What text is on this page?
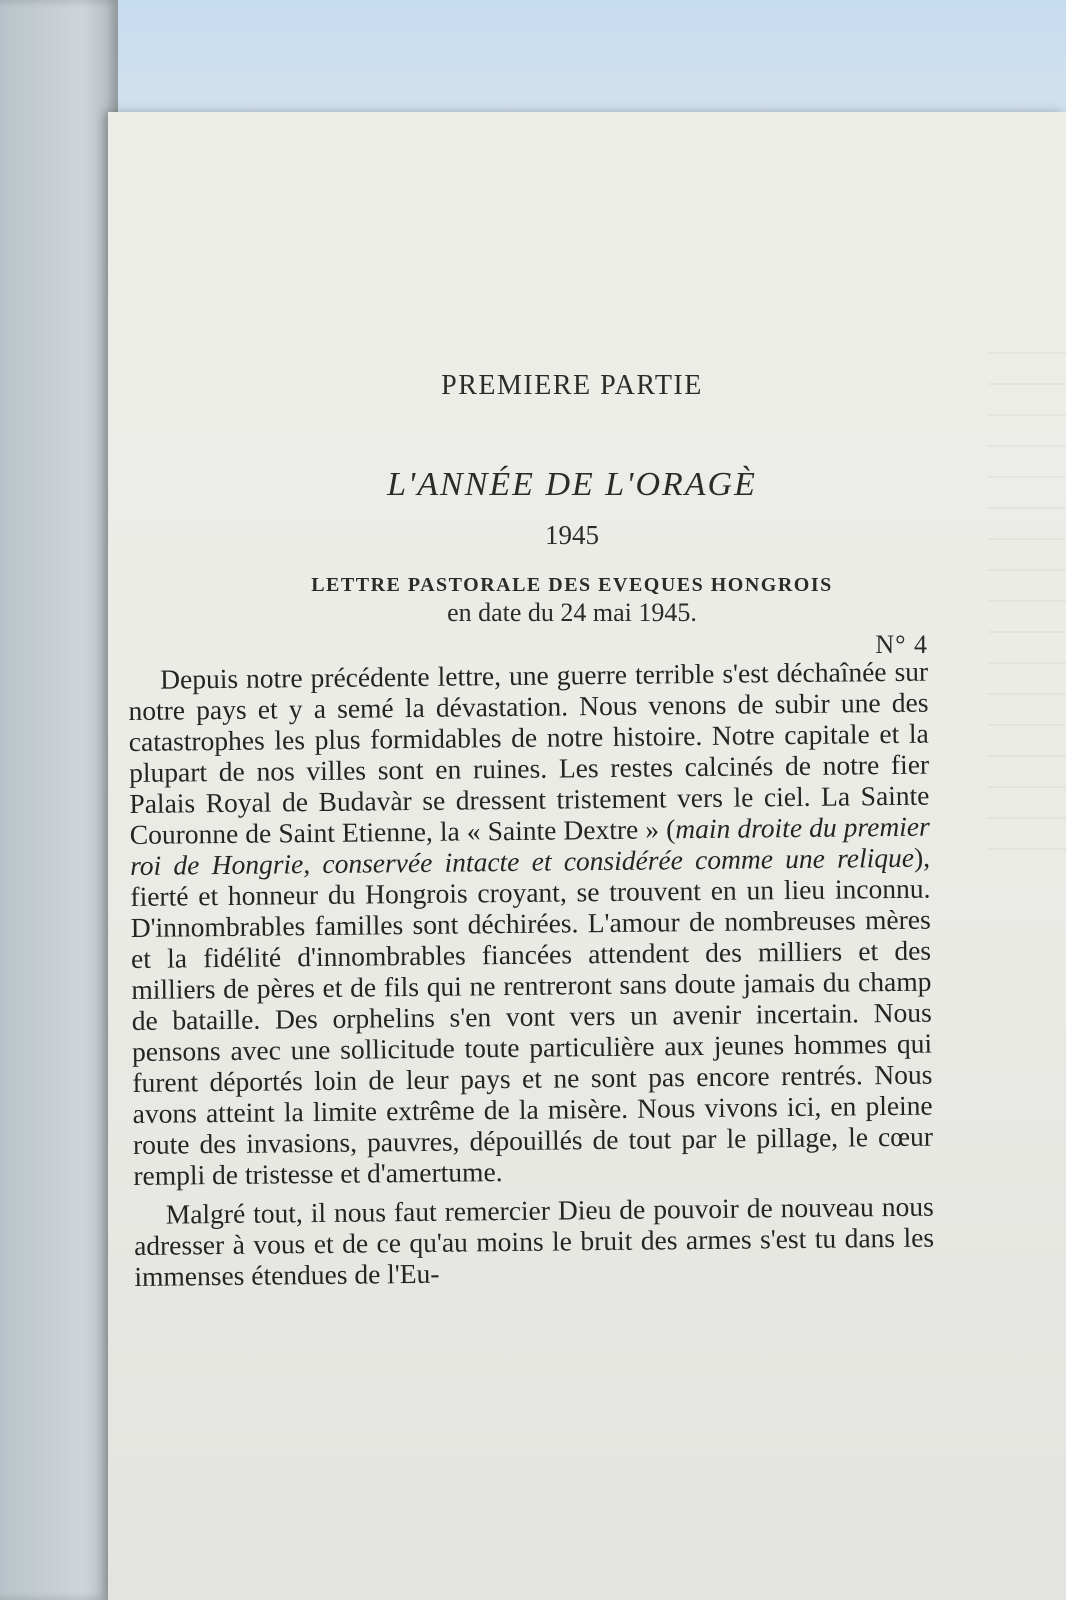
PREMIERE PARTIE
L'ANNÉE DE L'ORAGÈ
1945
LETTRE PASTORALE DES EVEQUES HONGROIS
en date du 24 mai 1945.
N° 4

Depuis notre précédente lettre, une guerre terrible s'est déchaînée sur notre pays et y a semé la dévastation. Nous venons de subir une des catastrophes les plus formidables de notre histoire. Notre capitale et la plupart de nos villes sont en ruines. Les restes calcinés de notre fier Palais Royal de Budavàr se dressent tristement vers le ciel. La Sainte Couronne de Saint Etienne, la « Sainte Dextre » (main droite du premier roi de Hongrie, conservée intacte et considérée comme une relique), fierté et honneur du Hongrois croyant, se trouvent en un lieu inconnu. D'innombrables familles sont déchirées. L'amour de nombreuses mères et la fidélité d'innombrables fiancées attendent des milliers et des milliers de pères et de fils qui ne rentreront sans doute jamais du champ de bataille. Des orphelins s'en vont vers un avenir incertain. Nous pensons avec une sollicitude toute particulière aux jeunes hommes qui furent déportés loin de leur pays et ne sont pas encore rentrés. Nous avons atteint la limite extrême de la misère. Nous vivons ici, en pleine route des invasions, pauvres, dépouillés de tout par le pillage, le cœur rempli de tristesse et d'amertume.

Malgré tout, il nous faut remercier Dieu de pouvoir de nouveau nous adresser à vous et de ce qu'au moins le bruit des armes s'est tu dans les immenses étendues de l'Eu-
